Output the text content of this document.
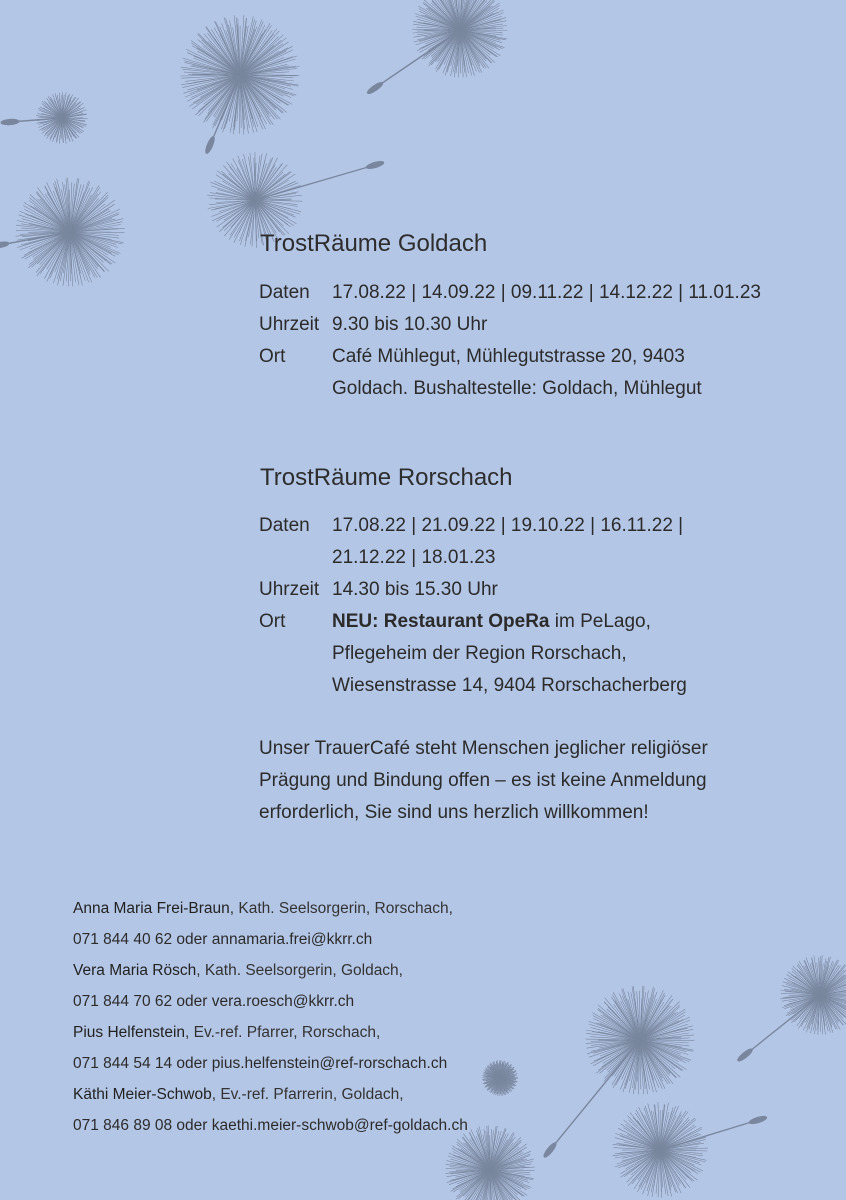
TrostRäume Goldach
Daten	17.08.22 | 14.09.22 | 09.11.22 | 14.12.22 | 11.01.23
Uhrzeit 9.30 bis 10.30 Uhr
Ort	Café Mühlegut, Mühlegutstrasse 20, 9403 Goldach. Bushaltestelle: Goldach, Mühlegut
TrostRäume Rorschach
Daten	17.08.22 | 21.09.22 | 19.10.22 | 16.11.22 | 21.12.22 | 18.01.23
Uhrzeit 14.30 bis 15.30 Uhr
Ort	NEU: Restaurant OpeRa im PeLago, Pflegeheim der Region Rorschach, Wiesenstrasse 14, 9404 Rorschacherberg

Unser TrauerCafé steht Menschen jeglicher religiöser Prägung und Bindung offen – es ist keine Anmeldung erforderlich, Sie sind uns herzlich willkommen!

Anna Maria Frei-Braun, Kath. Seelsorgerin, Rorschach,
071 844 40 62 oder annamaria.frei@kkrr.ch
Vera Maria Rösch, Kath. Seelsorgerin, Goldach,
071 844 70 62 oder vera.roesch@kkrr.ch
Pius Helfenstein, Ev.-ref. Pfarrer, Rorschach,
071 844 54 14 oder pius.helfenstein@ref-rorschach.ch
Käthi Meier-Schwob, Ev.-ref. Pfarrerin, Goldach,
071 846 89 08 oder kaethi.meier-schwob@ref-goldach.ch
